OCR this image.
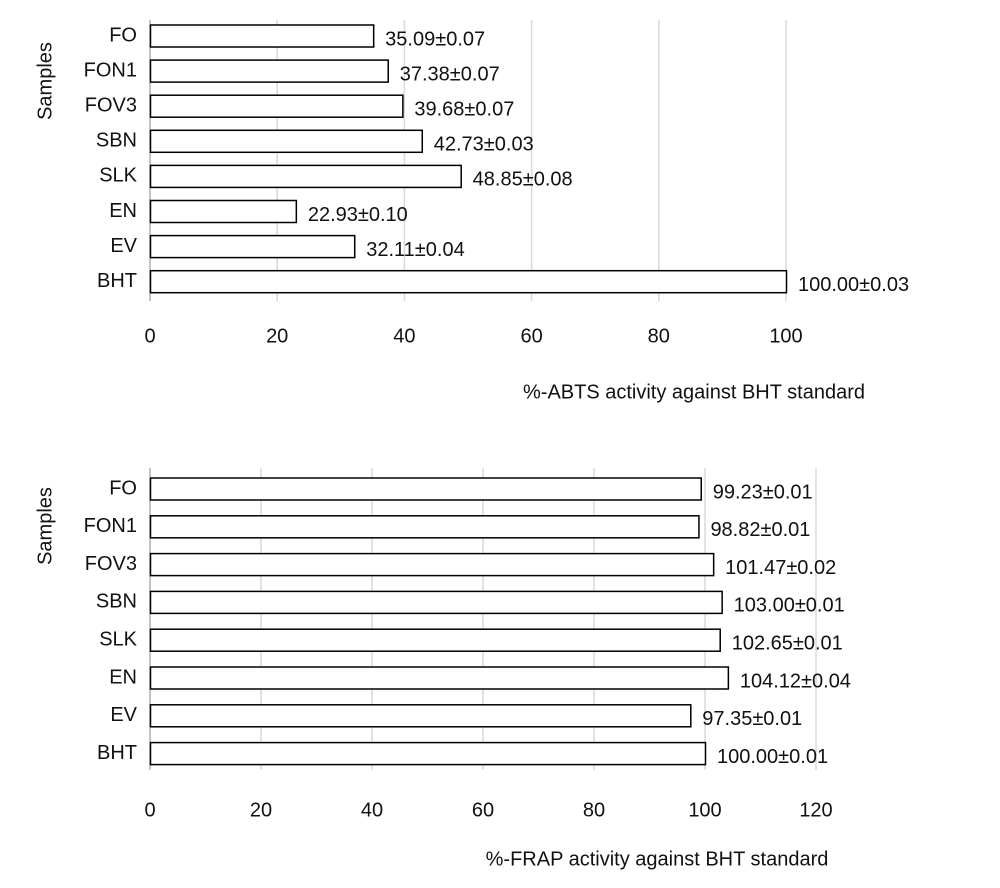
FO
FON1
FOV3
SBN
SLK
EN
EV
BHT
35.09±0.07
37.38±0.07
39.68±0.07
42.73±0.03
48.85±0.08
22.93±0.10
32.11±0.04
100.00±0.03
0	20	40	60	80	100
Samples
%-ABTS activity against BHT standard
FO
FON1
FOV3
SBN
SLK
EN
EV
BHT
99.23±0.01
98.82±0.01
101.47±0.02
103.00±0.01
102.65±0.01
104.12±0.04
97.35±0.01
100.00±0.01
0	20	40	60	80	100	120
Samples
%-FRAP activity against BHT standard
